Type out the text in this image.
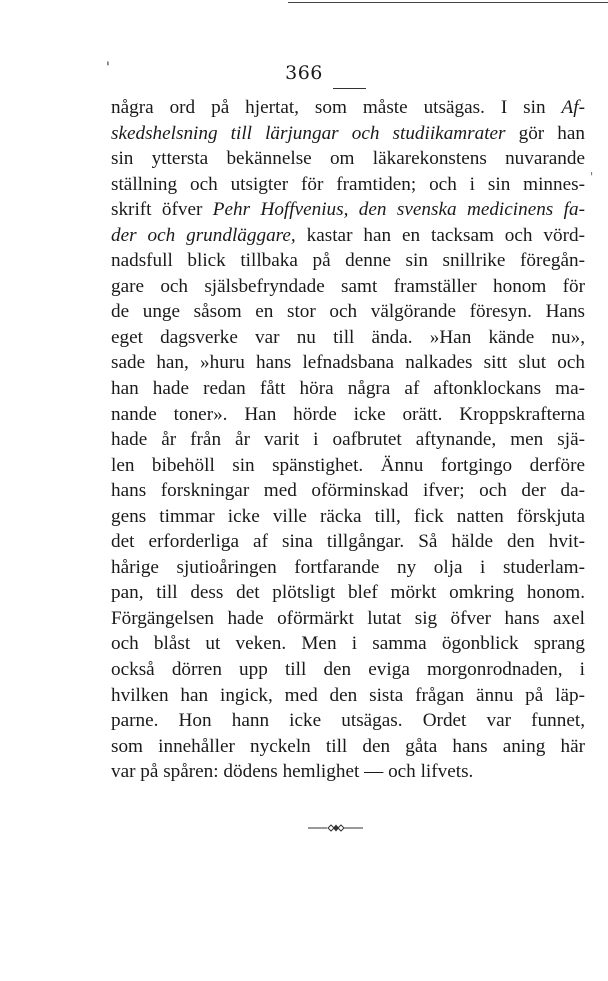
'	366
'
några ord på hjertat, som måste utsägas. I sin Af-
skedshelsning till lärjungar och studiikamrater gör han
sin yttersta bekännelse om läkarekonstens nuvarande
ställning och utsigter för framtiden; och i sin minnes-
skrift öfver Pehr Hoffvenius, den svenska medicinens fa-
der och grundläggare, kastar han en tacksam och vörd-
nadsfull blick tillbaka på denne sin snillrike föregån-
gare och själsbefryndade samt framställer honom för
de unge såsom en stor och välgörande föresyn. Hans
eget dagsverke var nu till ända. »Han kände nu»,
sade han, »huru hans lefnadsbana nalkades sitt slut och
han hade redan fått höra några af aftonklockans ma-
nande toner». Han hörde icke orätt. Kroppskrafterna
hade år från år varit i oafbrutet aftynande, men sjä-
len bibehöll sin spänstighet. Ännu fortgingo derföre
hans forskningar med oförminskad ifver; och der da-
gens timmar icke ville räcka till, fick natten förskjuta
det erforderliga af sina tillgångar. Så hälde den hvit-
hårige sjutioåringen fortfarande ny olja i studerlam-
pan, till dess det plötsligt blef mörkt omkring honom.
Förgängelsen hade oförmärkt lutat sig öfver hans axel
och blåst ut veken. Men i samma ögonblick sprang
också dörren upp till den eviga morgonrodnaden, i
hvilken han ingick, med den sista frågan ännu på läp-
parne. Hon hann icke utsägas. Ordet var funnet,
som innehåller nyckeln till den gåta hans aning här
var på spåren: dödens hemlighet — och lifvets.
